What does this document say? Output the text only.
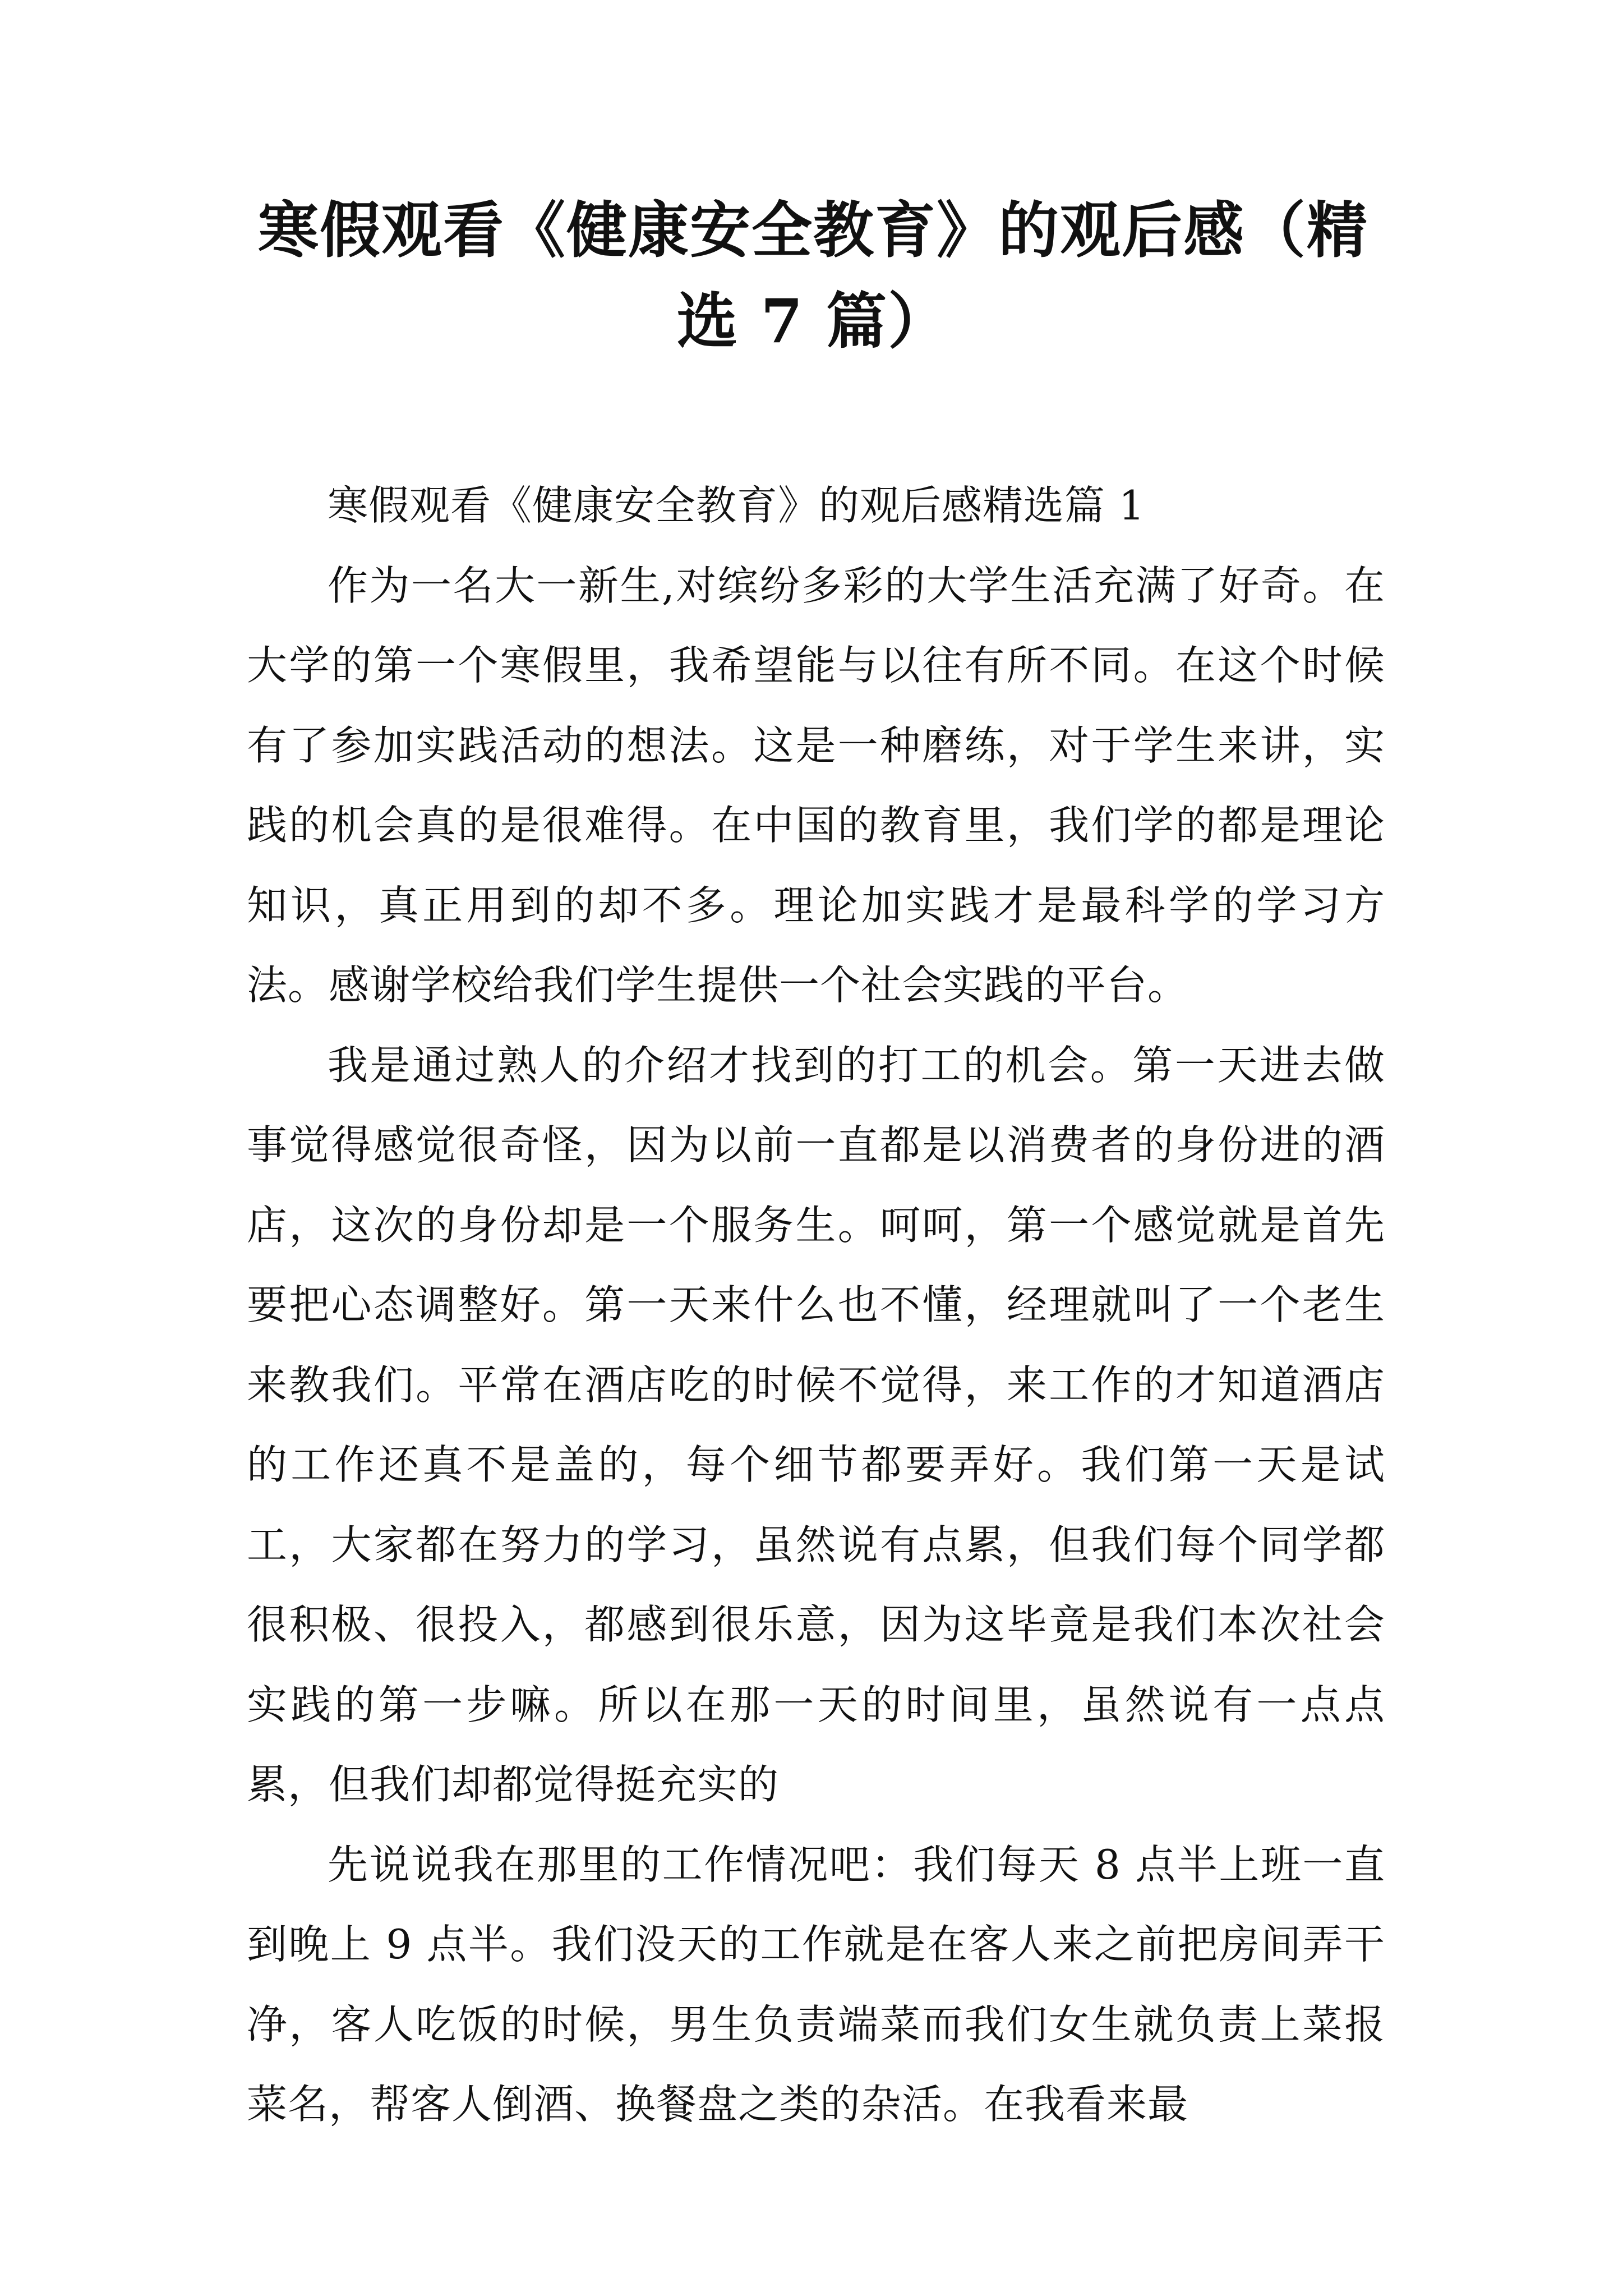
寒假观看《健康安全教育》的观后感（精选 7 篇）

寒假观看《健康安全教育》的观后感精选篇 1

作为一名大一新生,对缤纷多彩的大学生活充满了好奇。在大学的第一个寒假里，我希望能与以往有所不同。在这个时候有了参加实践活动的想法。这是一种磨练，对于学生来讲，实践的机会真的是很难得。在中国的教育里，我们学的都是理论知识，真正用到的却不多。理论加实践才是最科学的学习方法。感谢学校给我们学生提供一个社会实践的平台。

我是通过熟人的介绍才找到的打工的机会。第一天进去做事觉得感觉很奇怪，因为以前一直都是以消费者的身份进的酒店，这次的身份却是一个服务生。呵呵，第一个感觉就是首先要把心态调整好。第一天来什么也不懂，经理就叫了一个老生来教我们。平常在酒店吃的时候不觉得，来工作的才知道酒店的工作还真不是盖的，每个细节都要弄好。我们第一天是试工，大家都在努力的学习，虽然说有点累，但我们每个同学都很积极、很投入，都感到很乐意，因为这毕竟是我们本次社会实践的第一步嘛。所以在那一天的时间里，虽然说有一点点累，但我们却都觉得挺充实的

先说说我在那里的工作情况吧：我们每天 8 点半上班一直到晚上 9 点半。我们没天的工作就是在客人来之前把房间弄干净，客人吃饭的时候，男生负责端菜而我们女生就负责上菜报菜名，帮客人倒酒、换餐盘之类的杂活。在我看来最
